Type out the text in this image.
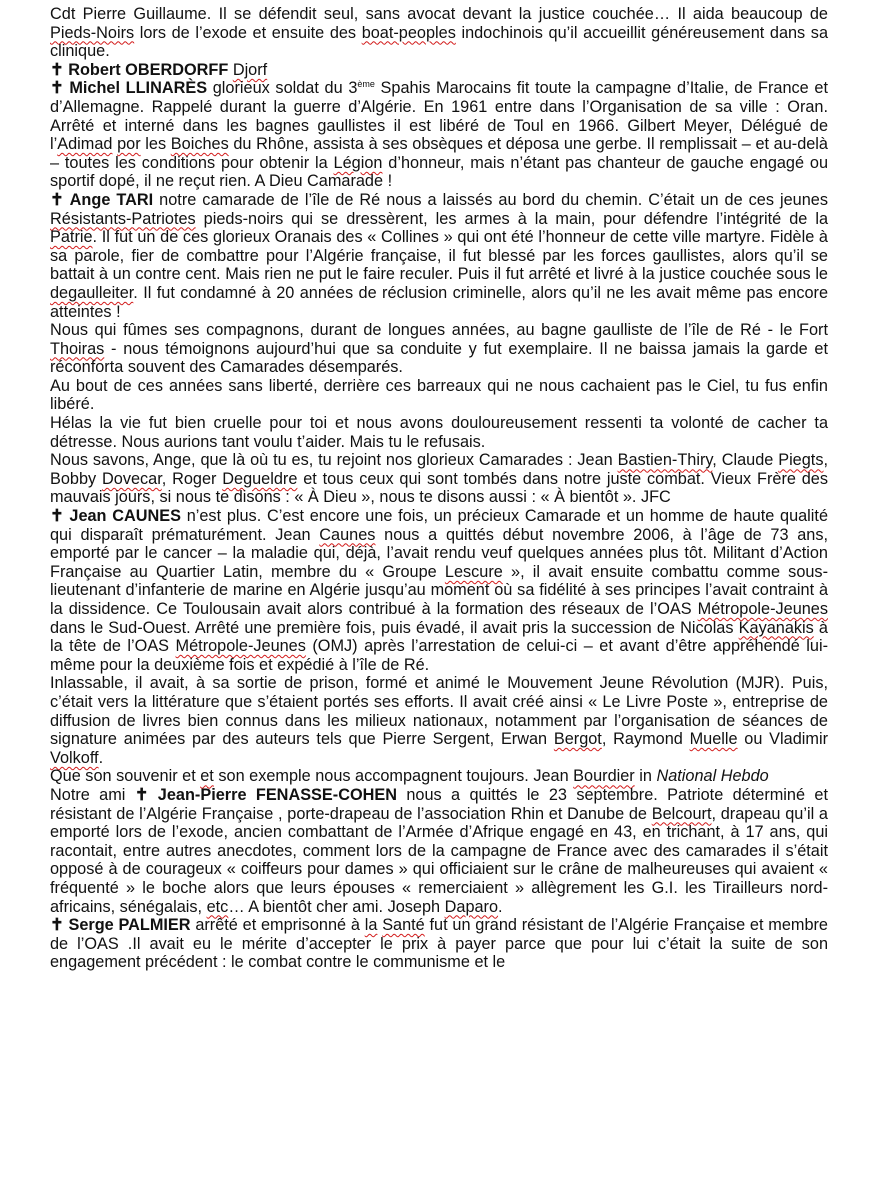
Cdt Pierre Guillaume. Il se défendit seul, sans avocat devant la justice couchée… Il aida beaucoup de Pieds-Noirs lors de l’exode et ensuite des boat-peoples indochinois qu’il accueillit généreusement dans sa clinique.

✝ Robert OBERDORFF Djorf

✝ Michel LLINARÈS glorieux soldat du 3ème Spahis Marocains fit toute la campagne d’Italie, de France et d’Allemagne. Rappelé durant la guerre d’Algérie. En 1961 entre dans l’Organisation de sa ville : Oran. Arrêté et interné dans les bagnes gaullistes il est libéré de Toul en 1966. Gilbert Meyer, Délégué de l’Adimad por les Boiches du Rhône, assista à ses obsèques et déposa une gerbe. Il remplissait – et au-delà – toutes les conditions pour obtenir la Légion d’honneur, mais n’étant pas chanteur de gauche engagé ou sportif dopé, il ne reçut rien. A Dieu Camarade !

✝ Ange TARI notre camarade de l’île de Ré nous a laissés au bord du chemin. C’était un de ces jeunes Résistants-Patriotes pieds-noirs qui se dressèrent, les armes à la main, pour défendre l’intégrité de la Patrie. Il fut un de ces glorieux Oranais des « Collines » qui ont été l’honneur de cette ville martyre. Fidèle à sa parole, fier de combattre pour l’Algérie française, il fut blessé par les forces gaullistes, alors qu’il se battait à un contre cent. Mais rien ne put le faire reculer. Puis il fut arrêté et livré à la justice couchée sous le degaulleiter. Il fut condamné à 20 années de réclusion criminelle, alors qu’il ne les avait même pas encore atteintes !

Nous qui fûmes ses compagnons, durant de longues années, au bagne gaulliste de l’île de Ré - le Fort Thoiras - nous témoignons aujourd’hui que sa conduite y fut exemplaire. Il ne baissa jamais la garde et réconforta souvent des Camarades désemparés.

Au bout de ces années sans liberté, derrière ces barreaux qui ne nous cachaient pas le Ciel, tu fus enfin libéré.

Hélas la vie fut bien cruelle pour toi et nous avons douloureusement ressenti ta volonté de cacher ta détresse. Nous aurions tant voulu t’aider. Mais tu le refusais.

Nous savons, Ange, que là où tu es, tu rejoint nos glorieux Camarades : Jean Bastien-Thiry, Claude Piegts, Bobby Dovecar, Roger Degueldre et tous ceux qui sont tombés dans notre juste combat. Vieux Frère des mauvais jours, si nous te disons : « À Dieu », nous te disons aussi : « À bientôt ». JFC

✝ Jean CAUNES n’est plus. C’est encore une fois, un précieux Camarade et un homme de haute qualité qui disparaît prématurément. Jean Caunes nous a quittés début novembre 2006, à l’âge de 73 ans, emporté par le cancer – la maladie qui, déjà, l’avait rendu veuf quelques années plus tôt. Militant d’Action Française au Quartier Latin, membre du « Groupe Lescure », il avait ensuite combattu comme sous-lieutenant d’infanterie de marine en Algérie jusqu’au moment où sa fidélité à ses principes l’avait contraint à la dissidence. Ce Toulousain avait alors contribué à la formation des réseaux de l’OAS Métropole-Jeunes dans le Sud-Ouest. Arrêté une première fois, puis évadé, il avait pris la succession de Nicolas Kayanakis à la tête de l’OAS Métropole-Jeunes (OMJ) après l’arrestation de celui-ci – et avant d’être appréhendé lui-même pour la deuxième fois et expédié à l’île de Ré.

Inlassable, il avait, à sa sortie de prison, formé et animé le Mouvement Jeune Révolution (MJR). Puis, c’était vers la littérature que s’étaient portés ses efforts. Il avait créé ainsi « Le Livre Poste », entreprise de diffusion de livres bien connus dans les milieux nationaux, notamment par l’organisation de séances de signature animées par des auteurs tels que Pierre Sergent, Erwan Bergot, Raymond Muelle ou Vladimir Volkoff.

Que son souvenir et et son exemple nous accompagnent toujours. Jean Bourdier in National Hebdo

Notre ami ✝ Jean-Pierre FENASSE-COHEN nous a quittés le 23 septembre. Patriote déterminé et résistant de l’Algérie Française , porte-drapeau de l’association Rhin et Danube de Belcourt, drapeau qu’il a emporté lors de l’exode, ancien combattant de l’Armée d’Afrique engagé en 43, en trichant, à 17 ans, qui racontait, entre autres anecdotes, comment lors de la campagne de France avec des camarades il s’était opposé à de courageux « coiffeurs pour dames » qui officiaient sur le crâne de malheureuses qui avaient « fréquenté » le boche alors que leurs épouses « remerciaient » allègrement les G.I. les Tirailleurs nord-africains, sénégalais, etc… A bientôt cher ami. Joseph Daparo.

✝ Serge PALMIER arrêté et emprisonné à la Santé fut un grand résistant de l’Algérie Française et membre de l’OAS .Il avait eu le mérite d’accepter le prix à payer parce que pour lui c’était la suite de son engagement précédent : le combat contre le communisme et le
